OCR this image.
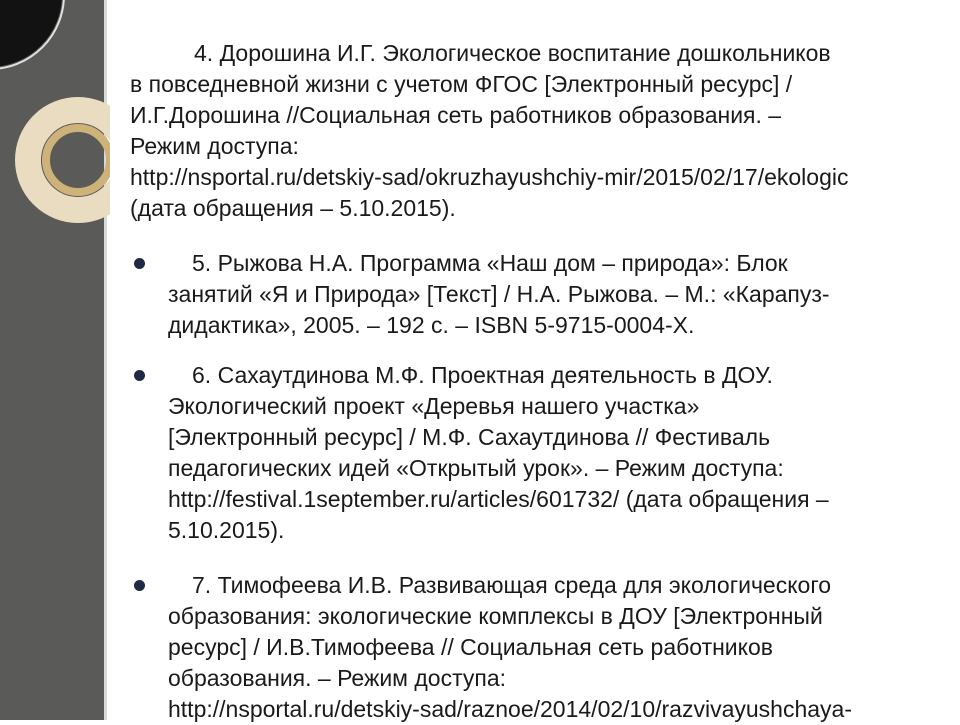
4. Дорошина И.Г. Экологическое воспитание дошкольников
в повседневной жизни с учетом ФГОС [Электронный ресурс] /
И.Г.Дорошина //Социальная сеть работников образования. –
Режим доступа:
http://nsportal.ru/detskiy-sad/okruzhayushchiy-mir/2015/02/17/ekologic
(дата обращения – 5.10.2015).
5. Рыжова Н.А. Программа «Наш дом – природа»: Блок
занятий «Я и Природа» [Текст] / Н.А. Рыжова. – М.: «Карапуз-
дидактика», 2005. – 192 с. – ISBN 5-9715-0004-X.
6. Сахаутдинова М.Ф. Проектная деятельность в ДОУ.
Экологический проект «Деревья нашего участка»
[Электронный ресурс] / М.Ф. Сахаутдинова // Фестиваль
педагогических идей «Открытый урок». – Режим доступа:
http://festival.1september.ru/articles/601732/ (дата обращения –
5.10.2015).
7. Тимофеева И.В. Развивающая среда для экологического
образования: экологические комплексы в ДОУ [Электронный
ресурс] / И.В.Тимофеева // Социальная сеть работников
образования. – Режим доступа:
http://nsportal.ru/detskiy-sad/raznoe/2014/02/10/razvivayushchaya-
